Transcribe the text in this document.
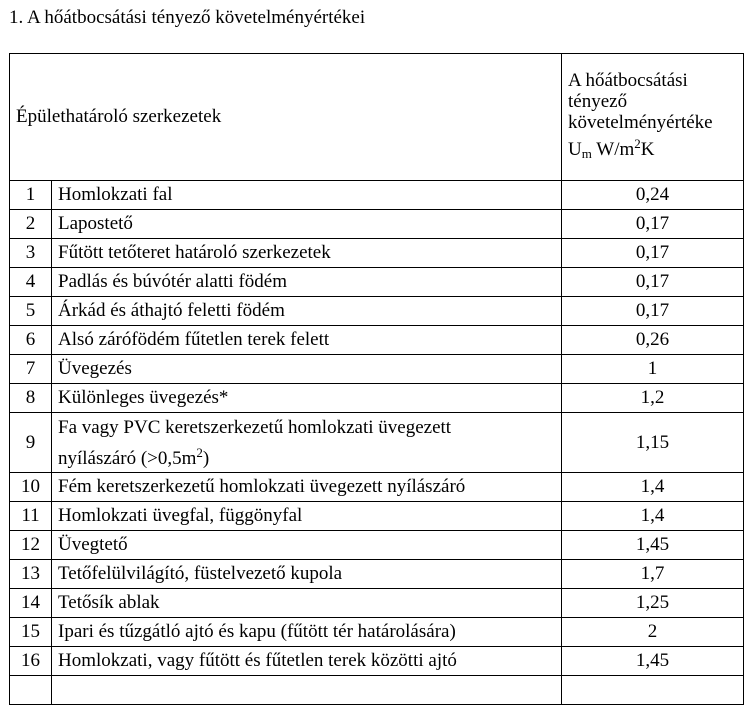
1. A hőátbocsátási tényező követelményértékei
Épülethatároló szerkezetek		A hőátbocsátási
tényező
követelményértéke
$U_m$ $W/m^2K$
1	Homlokzati fal	0,24
2	Lapostető	0,17
3	Fűtött tetőteret határoló szerkezetek	0,17
4	Padlás és búvótér alatti födém	0,17
5	Árkád és áthajtó feletti födém	0,17
6	Alsó zárófödém fűtetlen terek felett	0,26
7	Üvegezés	1
8	Különleges üvegezés*	1,2
9	Fa vagy PVC keretszerkezetű homlokzati üvegezett
nyílászáró $(>0,5m^2)$	1,15
10	Fém keretszerkezetű homlokzati üvegezett nyílászáró	1,4
11	Homlokzati üvegfal, függönyfal	1,4
12	Üvegtető	1,45
13	Tetőfelülvilágító, füstelvezető kupola	1,7
14	Tetősík ablak	1,25
15	Ipari és tűzgátló ajtó és kapu (fűtött tér határolására)	2
16	Homlokzati, vagy fűtött és fűtetlen terek közötti ajtó	1,45
